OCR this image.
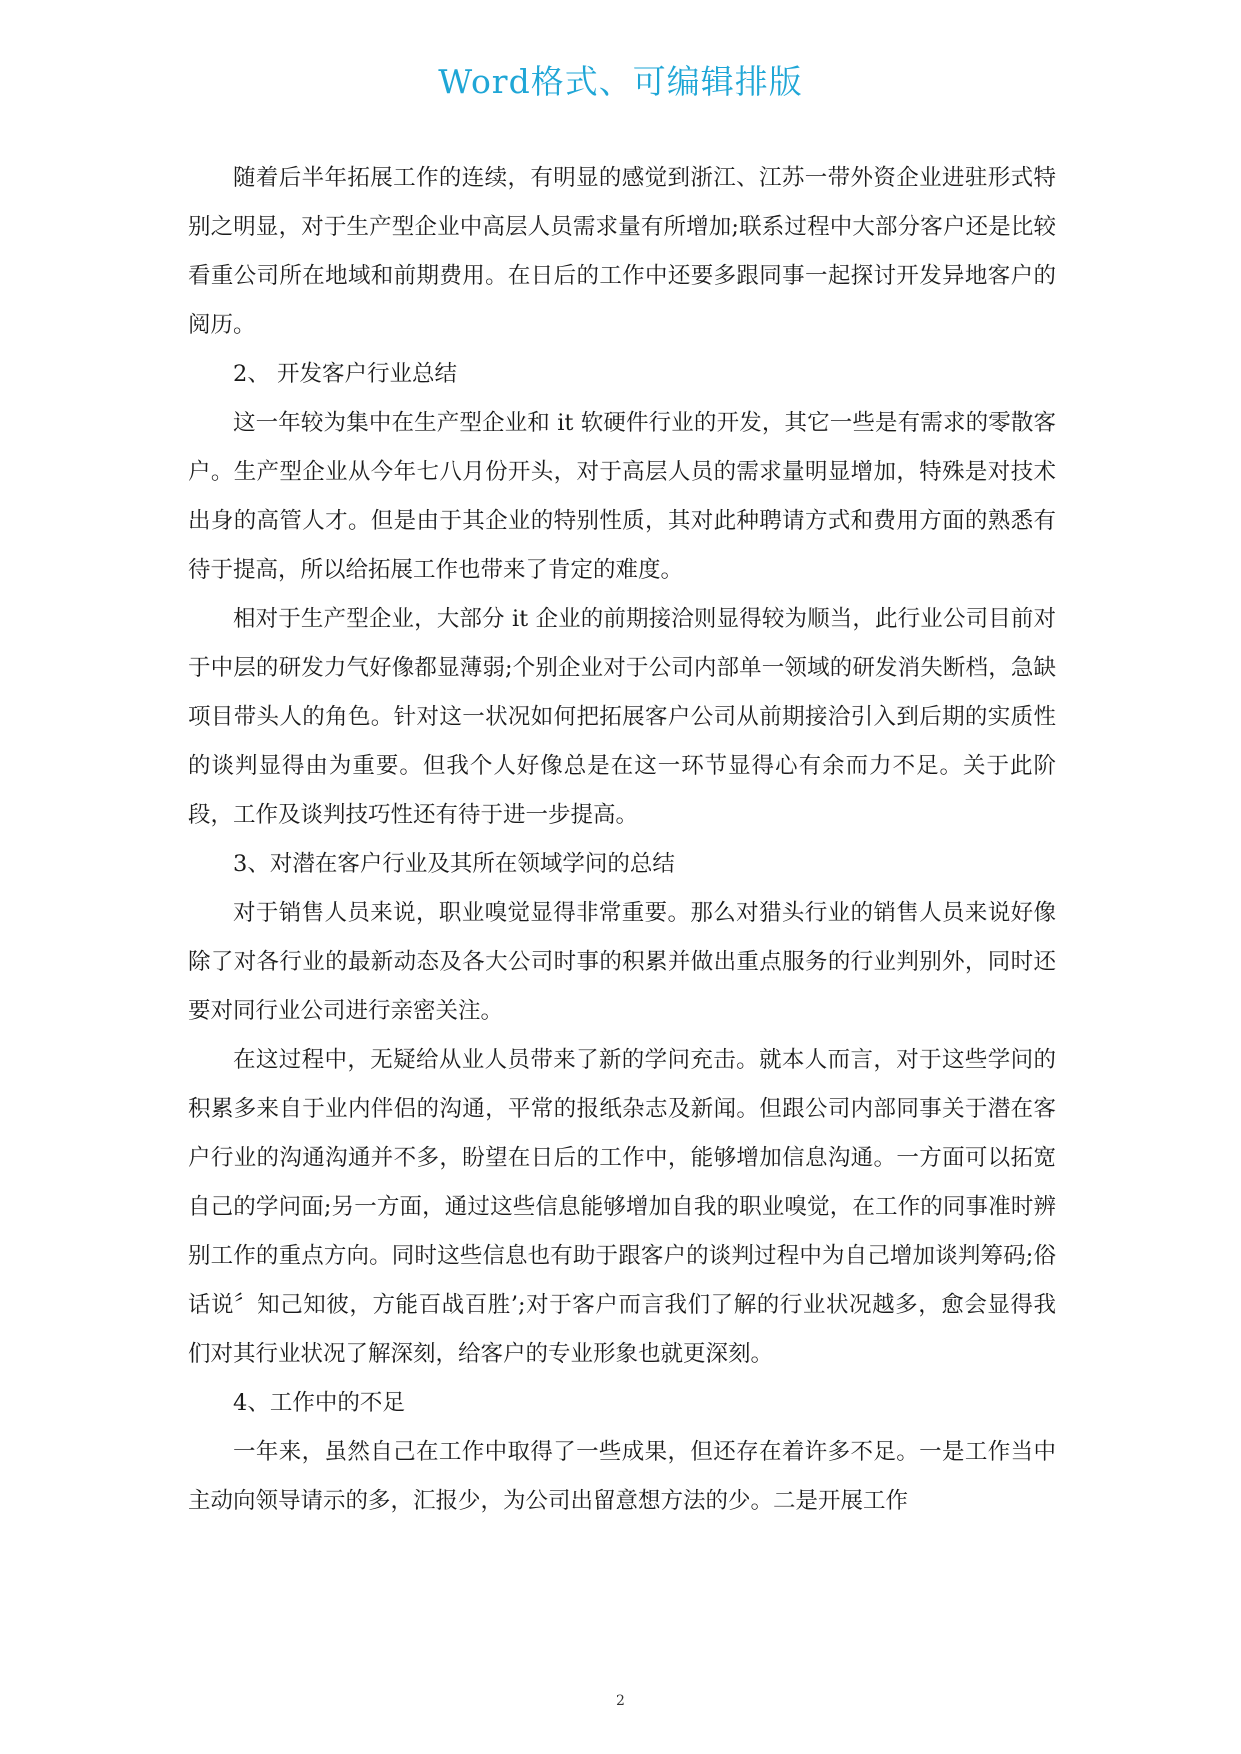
Word格式、可编辑排版

随着后半年拓展工作的连续，有明显的感觉到浙江、江苏一带外资企业进驻形式特别之明显，对于生产型企业中高层人员需求量有所增加;联系过程中大部分客户还是比较看重公司所在地域和前期费用。在日后的工作中还要多跟同事一起探讨开发异地客户的阅历。

2、 开发客户行业总结

这一年较为集中在生产型企业和 it 软硬件行业的开发，其它一些是有需求的零散客户。生产型企业从今年七八月份开头，对于高层人员的需求量明显增加，特殊是对技术出身的高管人才。但是由于其企业的特别性质，其对此种聘请方式和费用方面的熟悉有待于提高，所以给拓展工作也带来了肯定的难度。

相对于生产型企业，大部分 it 企业的前期接洽则显得较为顺当，此行业公司目前对于中层的研发力气好像都显薄弱;个别企业对于公司内部单一领域的研发消失断档，急缺项目带头人的角色。针对这一状况如何把拓展客户公司从前期接洽引入到后期的实质性的谈判显得由为重要。但我个人好像总是在这一环节显得心有余而力不足。关于此阶段，工作及谈判技巧性还有待于进一步提高。

3、对潜在客户行业及其所在领域学问的总结

对于销售人员来说，职业嗅觉显得非常重要。那么对猎头行业的销售人员来说好像除了对各行业的最新动态及各大公司时事的积累并做出重点服务的行业判别外，同时还要对同行业公司进行亲密关注。

在这过程中，无疑给从业人员带来了新的学问充击。就本人而言，对于这些学问的积累多来自于业内伴侣的沟通，平常的报纸杂志及新闻。但跟公司内部同事关于潜在客户行业的沟通沟通并不多，盼望在日后的工作中，能够增加信息沟通。一方面可以拓宽自己的学问面;另一方面，通过这些信息能够增加自我的职业嗅觉，在工作的同事准时辨别工作的重点方向。同时这些信息也有助于跟客户的谈判过程中为自己增加谈判筹码;俗话说〞知己知彼，方能百战百胜’;对于客户而言我们了解的行业状况越多，愈会显得我们对其行业状况了解深刻，给客户的专业形象也就更深刻。

4、工作中的不足

一年来，虽然自己在工作中取得了一些成果，但还存在着许多不足。一是工作当中主动向领导请示的多，汇报少，为公司出留意想方法的少。二是开展工作

2
